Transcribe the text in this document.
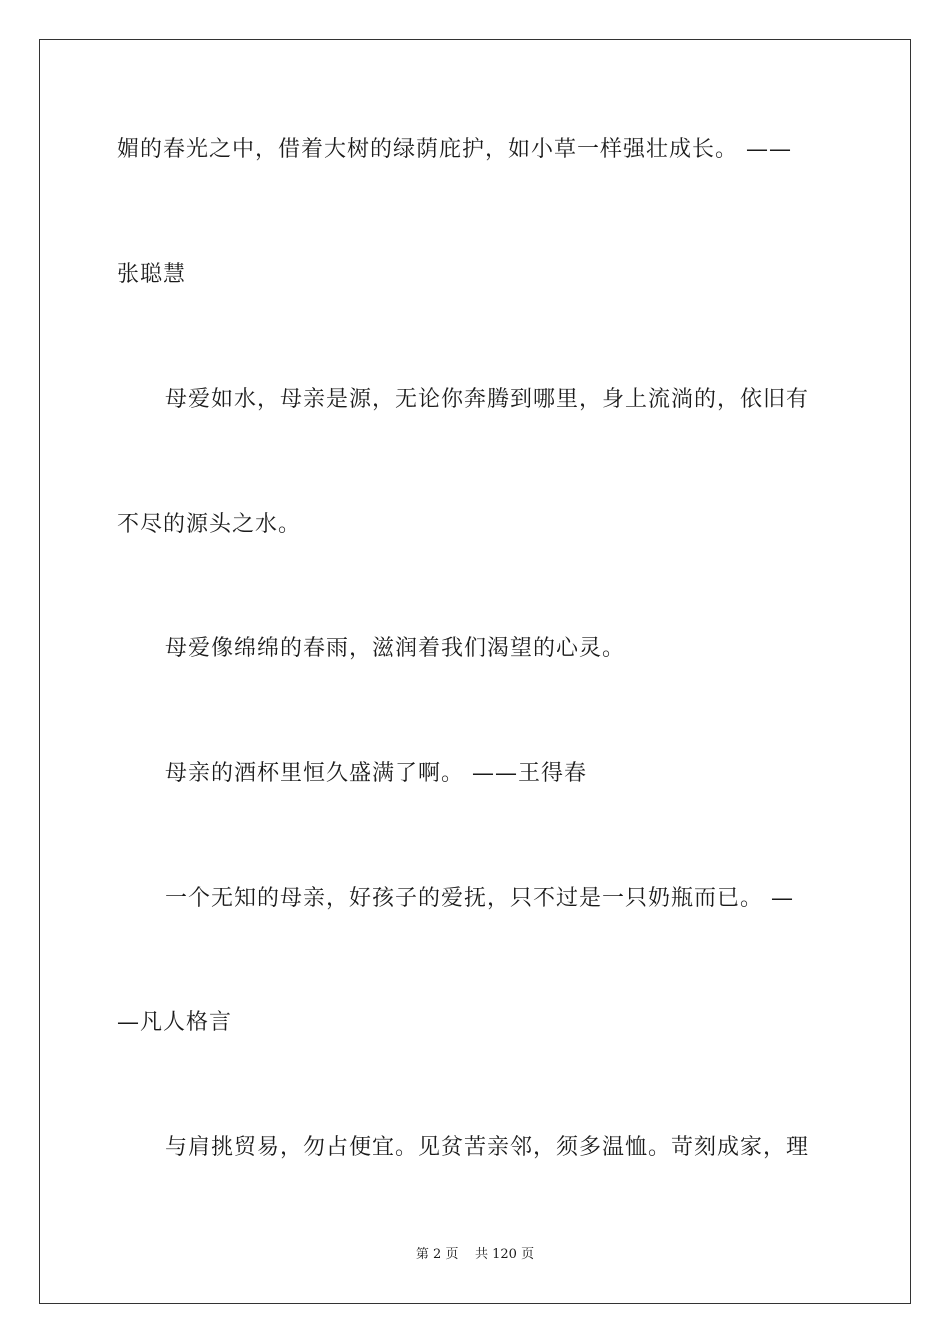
媚的春光之中，借着大树的绿荫庇护，如小草一样强壮成长。 ——
张聪慧
母爱如水，母亲是源，无论你奔腾到哪里，身上流淌的，依旧有
不尽的源头之水。
母爱像绵绵的春雨，滋润着我们渴望的心灵。
母亲的酒杯里恒久盛满了啊。 ——王得春
一个无知的母亲，好孩子的爱抚，只不过是一只奶瓶而已。 —
—凡人格言
与肩挑贸易，勿占便宜。见贫苦亲邻，须多温恤。苛刻成家，理
第 2 页    共 120 页
